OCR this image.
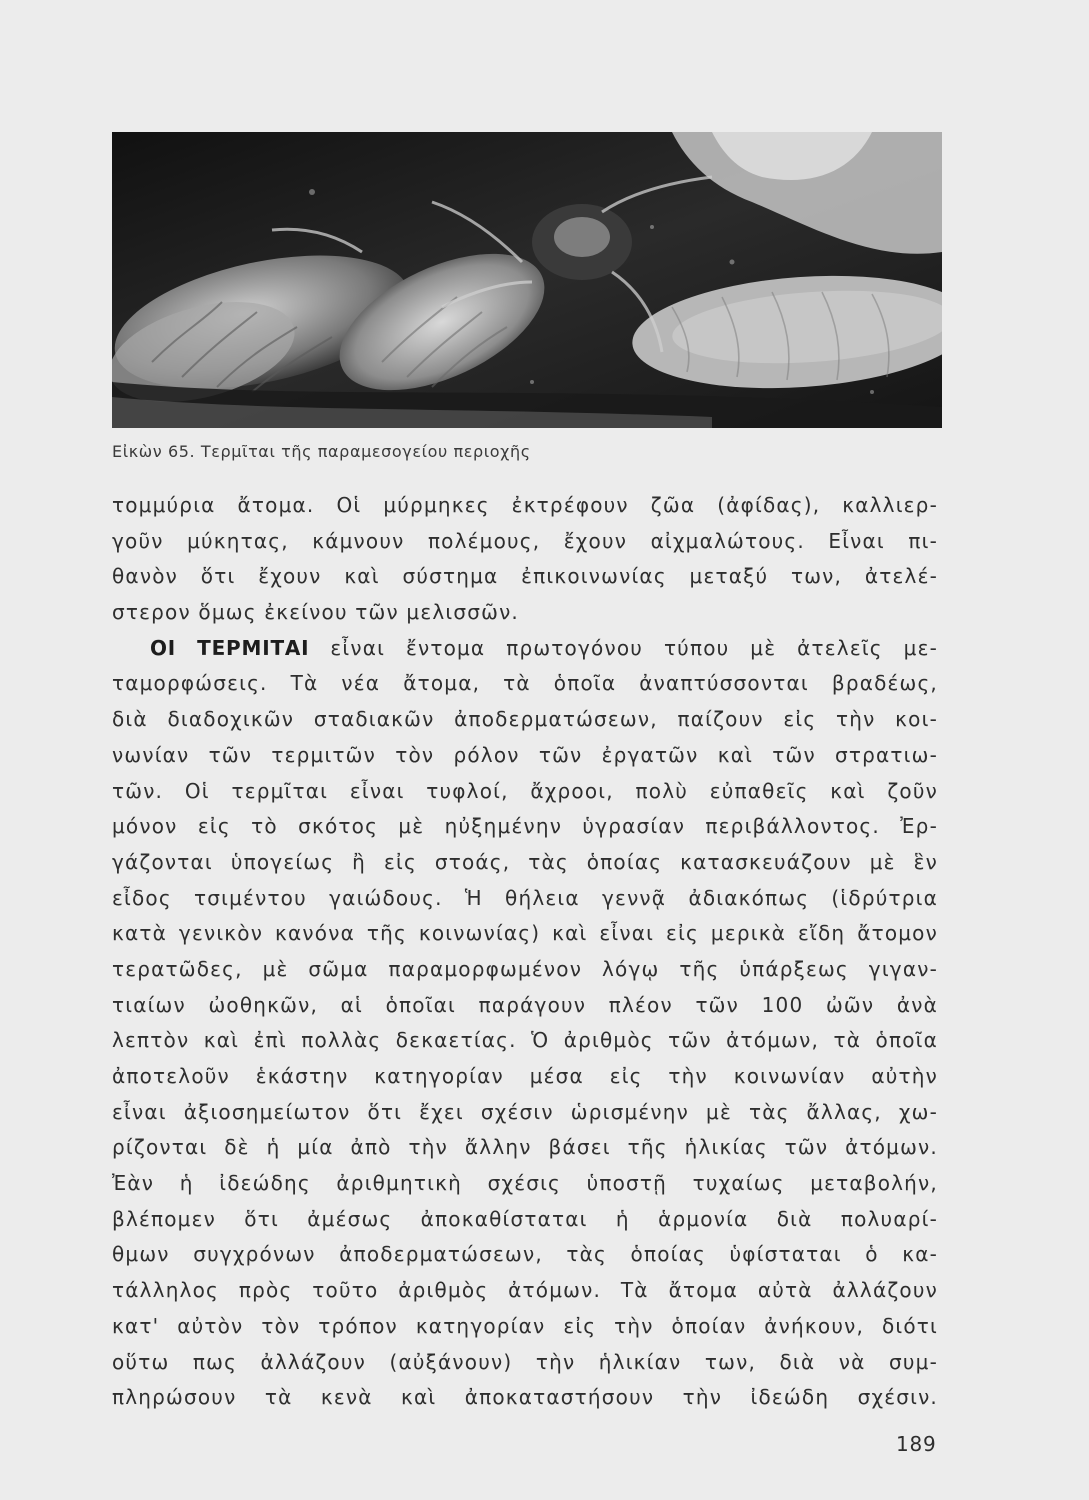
Εἰκὼν 65. Τερμῖται τῆς παραμεσογείου περιοχῆς
τομμύρια ἄτομα. Οἱ μύρμηκες ἐκτρέφουν ζῶα (ἀφίδας), καλλιερ-
γοῦν μύκητας, κάμνουν πολέμους, ἔχουν αἰχμαλώτους. Εἶναι πι-
θανὸν ὅτι ἔχουν καὶ σύστημα ἐπικοινωνίας μεταξύ των, ἀτελέ-
στερον ὅμως ἐκείνου τῶν μελισσῶν.
ΟΙ ΤΕΡΜΙΤΑΙ εἶναι ἔντομα πρωτογόνου τύπου μὲ ἀτελεῖς με-
ταμορφώσεις. Τὰ νέα ἄτομα, τὰ ὁποῖα ἀναπτύσσονται βραδέως,
διὰ διαδοχικῶν σταδιακῶν ἀποδερματώσεων, παίζουν εἰς τὴν κοι-
νωνίαν τῶν τερμιτῶν τὸν ρόλον τῶν ἐργατῶν καὶ τῶν στρατιω-
τῶν. Οἱ τερμῖται εἶναι τυφλοί, ἄχροοι, πολὺ εὐπαθεῖς καὶ ζοῦν
μόνον εἰς τὸ σκότος μὲ ηὐξημένην ὑγρασίαν περιβάλλοντος. Ἐρ-
γάζονται ὑπογείως ἢ εἰς στοάς, τὰς ὁποίας κατασκευάζουν μὲ ἓν
εἶδος τσιμέντου γαιώδους. Ἡ θήλεια γεννᾷ ἀδιακόπως (ἱδρύτρια
κατὰ γενικὸν κανόνα τῆς κοινωνίας) καὶ εἶναι εἰς μερικὰ εἴδη ἄτομον
τερατῶδες, μὲ σῶμα παραμορφωμένον λόγῳ τῆς ὑπάρξεως γιγαν-
τιαίων ὠοθηκῶν, αἱ ὁποῖαι παράγουν πλέον τῶν 100 ὠῶν ἀνὰ
λεπτὸν καὶ ἐπὶ πολλὰς δεκαετίας. Ὁ ἀριθμὸς τῶν ἀτόμων, τὰ ὁποῖα
ἀποτελοῦν ἑκάστην κατηγορίαν μέσα εἰς τὴν κοινωνίαν αὐτὴν
εἶναι ἀξιοσημείωτον ὅτι ἔχει σχέσιν ὡρισμένην μὲ τὰς ἄλλας, χω-
ρίζονται δὲ ἡ μία ἀπὸ τὴν ἄλλην βάσει τῆς ἡλικίας τῶν ἀτόμων.
Ἐὰν ἡ ἰδεώδης ἀριθμητικὴ σχέσις ὑποστῇ τυχαίως μεταβολήν,
βλέπομεν ὅτι ἀμέσως ἀποκαθίσταται ἡ ἁρμονία διὰ πολυαρί-
θμων συγχρόνων ἀποδερματώσεων, τὰς ὁποίας ὑφίσταται ὁ κα-
τάλληλος πρὸς τοῦτο ἀριθμὸς ἀτόμων. Τὰ ἄτομα αὐτὰ ἀλλάζουν
κατ' αὐτὸν τὸν τρόπον κατηγορίαν εἰς τὴν ὁποίαν ἀνήκουν, διότι
οὕτω πως ἀλλάζουν (αὐξάνουν) τὴν ἡλικίαν των, διὰ νὰ συμ-
πληρώσουν τὰ κενὰ καὶ ἀποκαταστήσουν τὴν ἰδεώδη σχέσιν.
189
